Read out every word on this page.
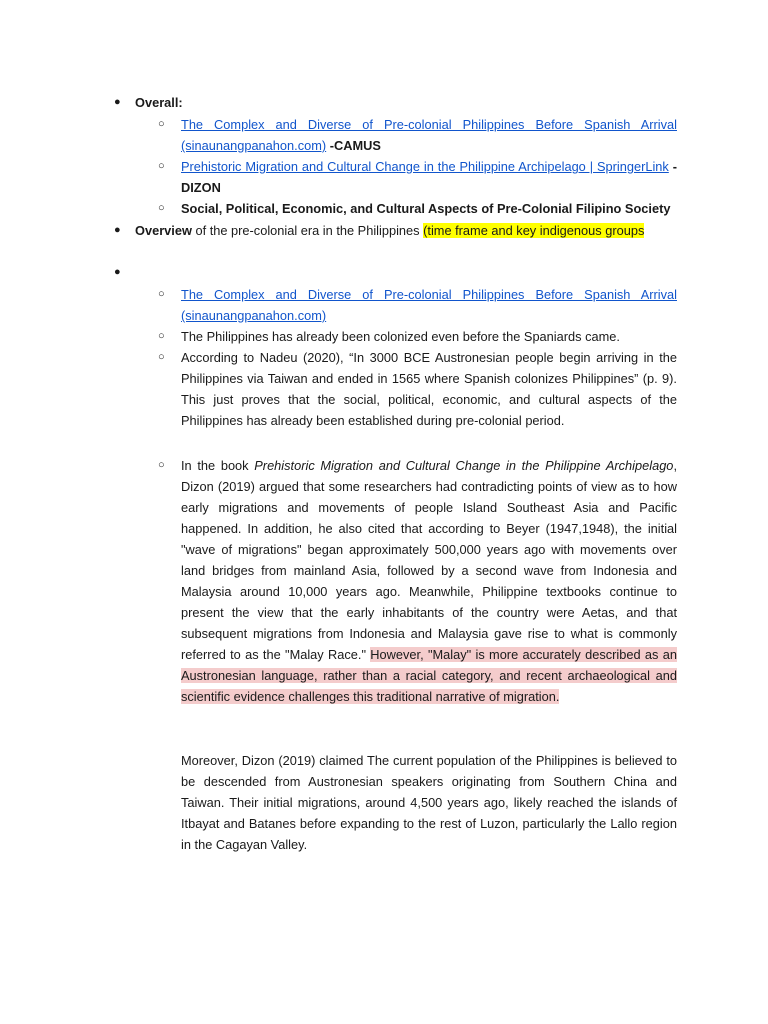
● Overall:
○ The Complex and Diverse of Pre-colonial Philippines Before Spanish Arrival (sinaunangpanahon.com) -CAMUS
○ Prehistoric Migration and Cultural Change in the Philippine Archipelago | SpringerLink -DIZON
○ Social, Political, Economic, and Cultural Aspects of Pre-Colonial Filipino Society
● Overview of the pre-colonial era in the Philippines (time frame and key indigenous groups
●
○ The Complex and Diverse of Pre-colonial Philippines Before Spanish Arrival (sinaunangpanahon.com)
○ The Philippines has already been colonized even before the Spaniards came.
○ According to Nadeu (2020), “In 3000 BCE Austronesian people begin arriving in the Philippines via Taiwan and ended in 1565 where Spanish colonizes Philippines” (p. 9). This just proves that the social, political, economic, and cultural aspects of the Philippines has already been established during pre-colonial period.
○ In the book Prehistoric Migration and Cultural Change in the Philippine Archipelago, Dizon (2019) argued that some researchers had contradicting points of view as to how early migrations and movements of people Island Southeast Asia and Pacific happened. In addition, he also cited that according to Beyer (1947,1948), the initial "wave of migrations" began approximately 500,000 years ago with movements over land bridges from mainland Asia, followed by a second wave from Indonesia and Malaysia around 10,000 years ago. Meanwhile, Philippine textbooks continue to present the view that the early inhabitants of the country were Aetas, and that subsequent migrations from Indonesia and Malaysia gave rise to what is commonly referred to as the "Malay Race." However, "Malay" is more accurately described as an Austronesian language, rather than a racial category, and recent archaeological and scientific evidence challenges this traditional narrative of migration.
Moreover, Dizon (2019) claimed The current population of the Philippines is believed to be descended from Austronesian speakers originating from Southern China and Taiwan. Their initial migrations, around 4,500 years ago, likely reached the islands of Itbayat and Batanes before expanding to the rest of Luzon, particularly the Lallo region in the Cagayan Valley.
